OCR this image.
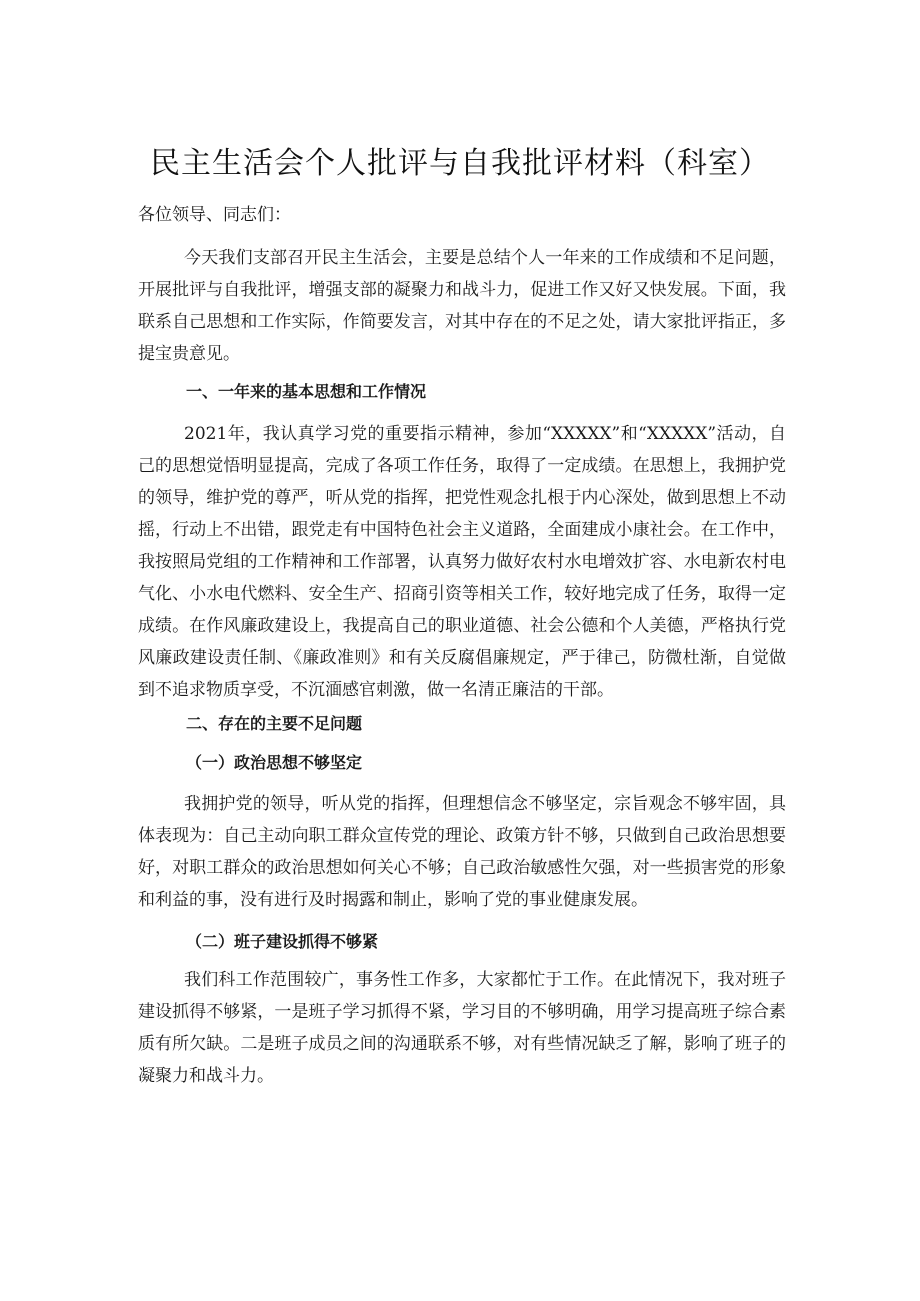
民主生活会个人批评与自我批评材料（科室）

各位领导、同志们：

今天我们支部召开民主生活会，主要是总结个人一年来的工作成绩和不足问题，开展批评与自我批评，增强支部的凝聚力和战斗力，促进工作又好又快发展。下面，我联系自己思想和工作实际，作简要发言，对其中存在的不足之处，请大家批评指正，多提宝贵意见。

一、一年来的基本思想和工作情况

2021年，我认真学习党的重要指示精神，参加“XXXXX”和“XXXXX”活动，自己的思想觉悟明显提高，完成了各项工作任务，取得了一定成绩。在思想上，我拥护党的领导，维护党的尊严，听从党的指挥，把党性观念扎根于内心深处，做到思想上不动摇，行动上不出错，跟党走有中国特色社会主义道路，全面建成小康社会。在工作中，我按照局党组的工作精神和工作部署，认真努力做好农村水电增效扩容、水电新农村电气化、小水电代燃料、安全生产、招商引资等相关工作，较好地完成了任务，取得一定成绩。在作风廉政建设上，我提高自己的职业道德、社会公德和个人美德，严格执行党风廉政建设责任制、《廉政准则》和有关反腐倡廉规定，严于律己，防微杜渐，自觉做到不追求物质享受，不沉湎感官刺激，做一名清正廉洁的干部。

二、存在的主要不足问题

（一）政治思想不够坚定

我拥护党的领导，听从党的指挥，但理想信念不够坚定，宗旨观念不够牢固，具体表现为：自己主动向职工群众宣传党的理论、政策方针不够，只做到自己政治思想要好，对职工群众的政治思想如何关心不够；自己政治敏感性欠强，对一些损害党的形象和利益的事，没有进行及时揭露和制止，影响了党的事业健康发展。

（二）班子建设抓得不够紧

我们科工作范围较广，事务性工作多，大家都忙于工作。在此情况下，我对班子建设抓得不够紧，一是班子学习抓得不紧，学习目的不够明确，用学习提高班子综合素质有所欠缺。二是班子成员之间的沟通联系不够，对有些情况缺乏了解，影响了班子的凝聚力和战斗力。
